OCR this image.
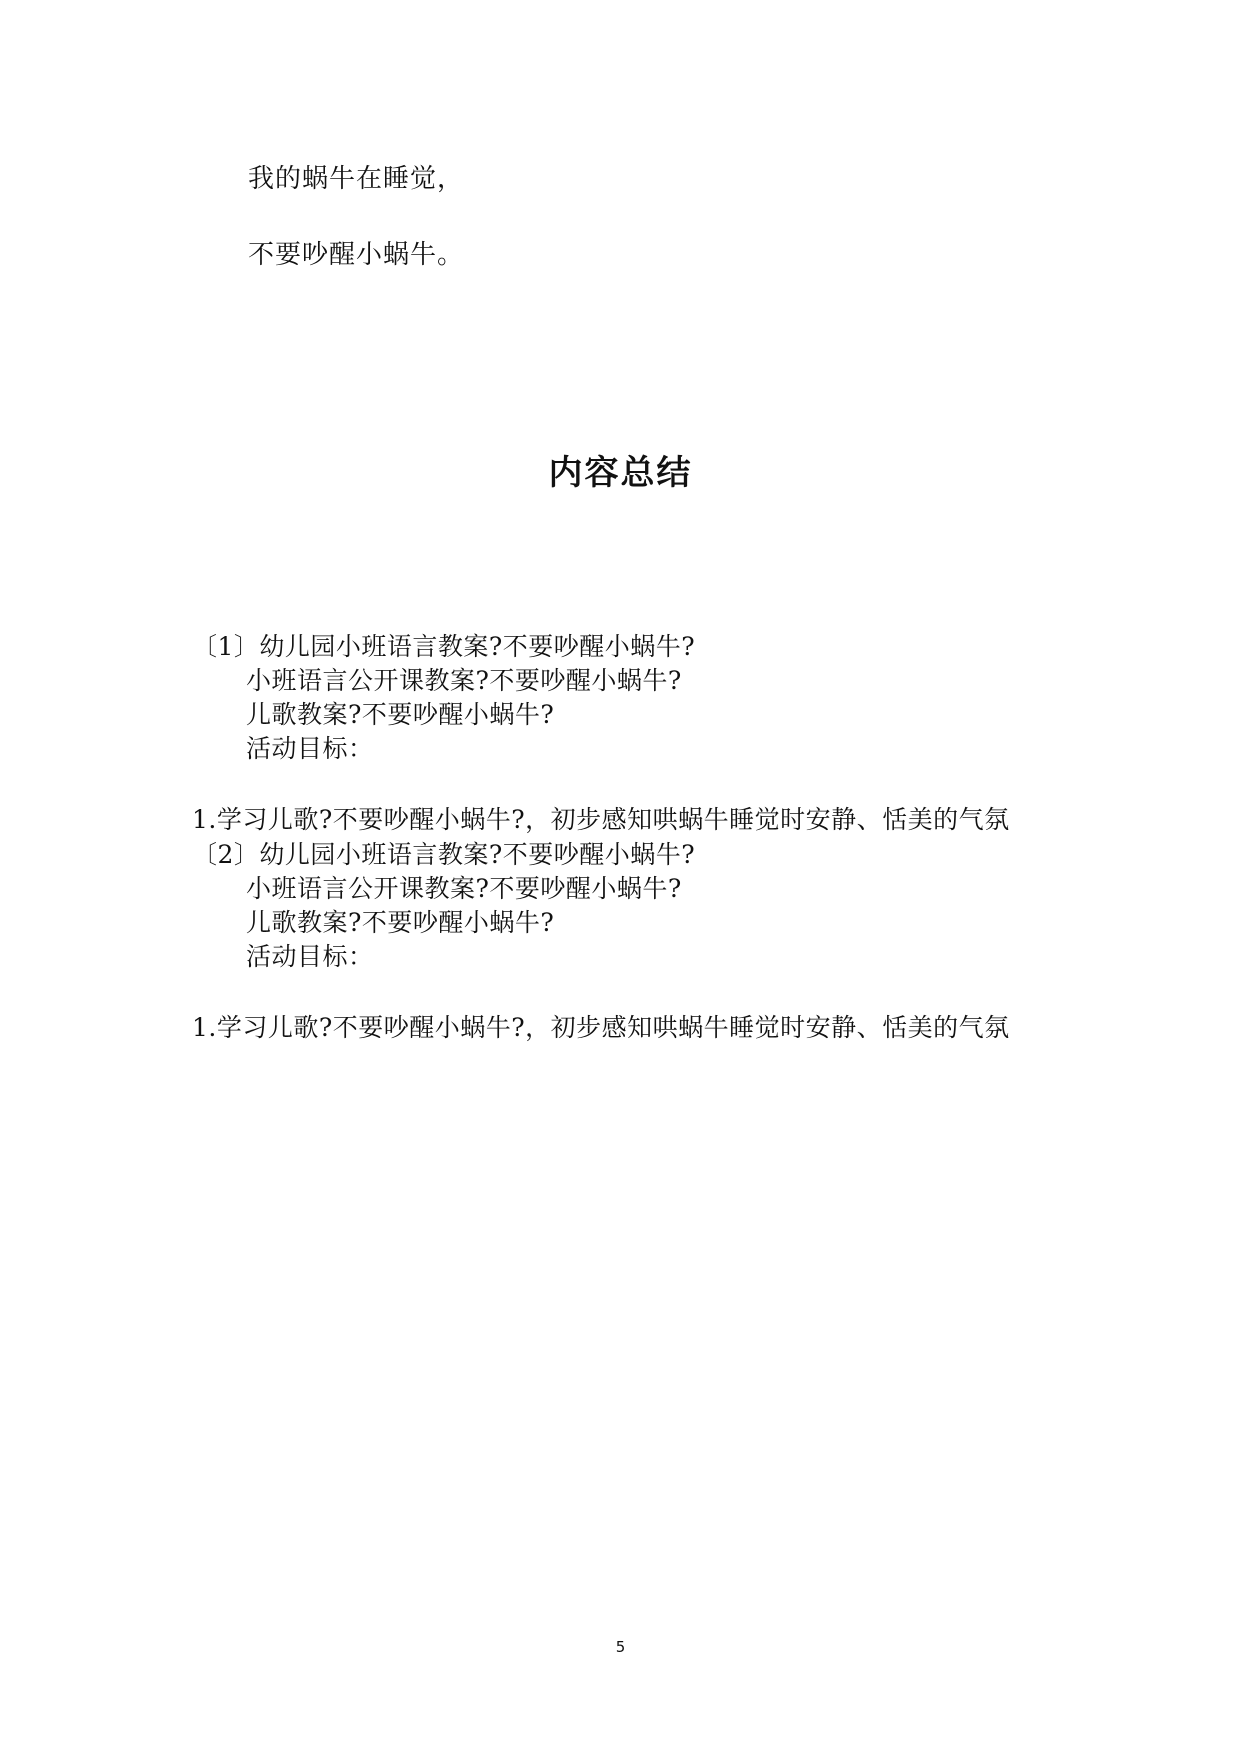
我的蜗牛在睡觉，
不要吵醒小蜗牛。
内容总结
〔1〕幼儿园小班语言教案?不要吵醒小蜗牛?
小班语言公开课教案?不要吵醒小蜗牛?
儿歌教案?不要吵醒小蜗牛?
活动目标：
1.学习儿歌?不要吵醒小蜗牛?，初步感知哄蜗牛睡觉时安静、恬美的气氛
〔2〕幼儿园小班语言教案?不要吵醒小蜗牛?
小班语言公开课教案?不要吵醒小蜗牛?
儿歌教案?不要吵醒小蜗牛?
活动目标：
1.学习儿歌?不要吵醒小蜗牛?，初步感知哄蜗牛睡觉时安静、恬美的气氛
5
